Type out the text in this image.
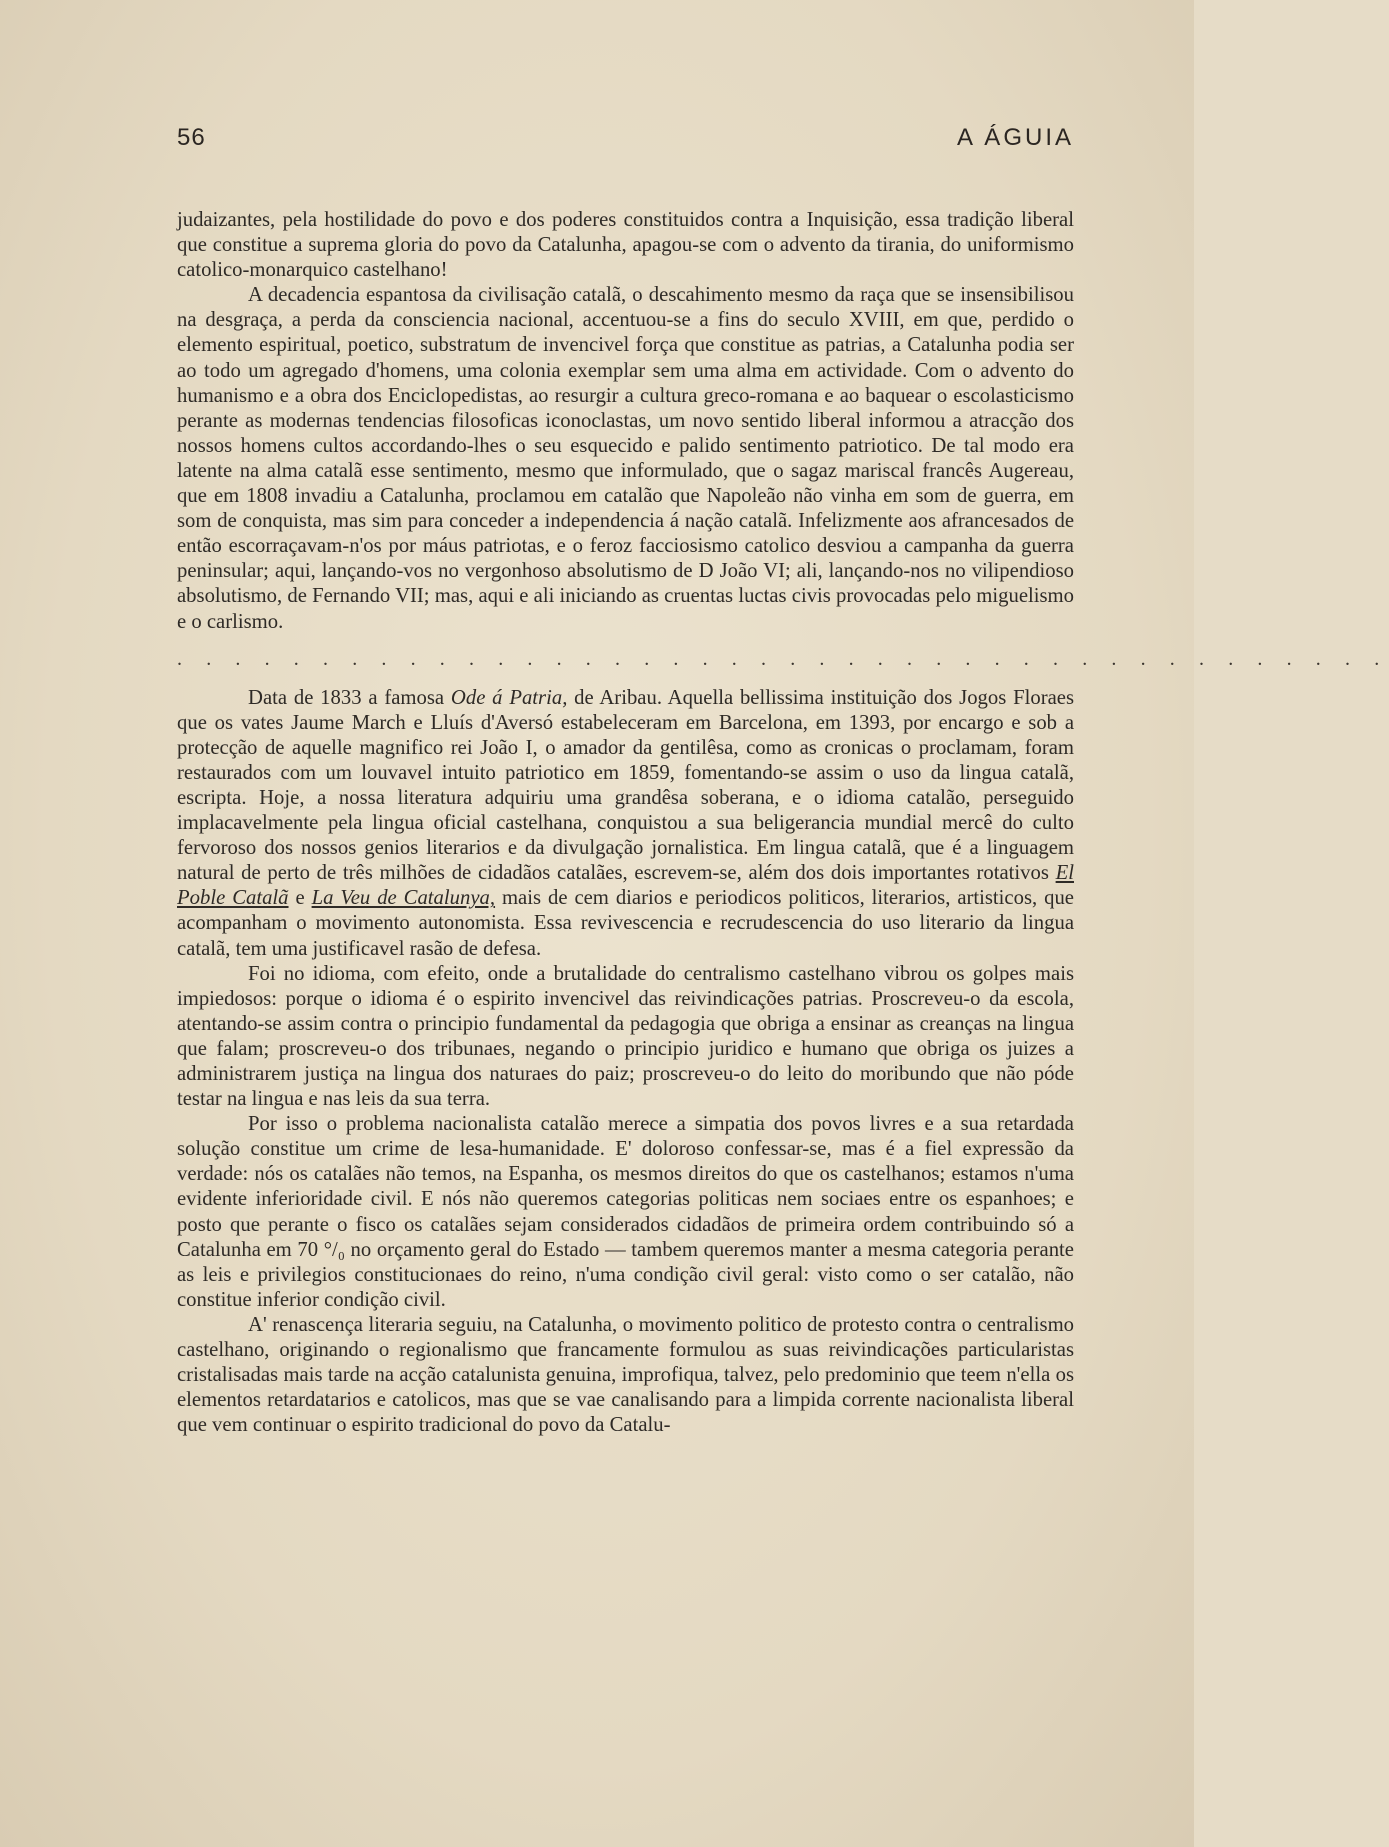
56	A ÁGUIA

judaizantes, pela hostilidade do povo e dos poderes constituidos contra a Inquisição, essa tradição liberal que constitue a suprema gloria do povo da Catalunha, apagou-se com o advento da tirania, do uniformismo catolico-monarquico castelhano!

A decadencia espantosa da civilisação catalã, o descahimento mesmo da raça que se insensibilisou na desgraça, a perda da consciencia nacional, accentuou-se a fins do seculo XVIII, em que, perdido o elemento espiritual, poetico, substratum de invencivel força que constitue as patrias, a Catalunha podia ser ao todo um agregado d'homens, uma colonia exemplar sem uma alma em actividade. Com o advento do humanismo e a obra dos Enciclopedistas, ao resurgir a cultura greco-romana e ao baquear o escolasticismo perante as modernas tendencias filosoficas iconoclastas, um novo sentido liberal informou a atracção dos nossos homens cultos accordando-lhes o seu esquecido e palido sentimento patriotico. De tal modo era latente na alma catalã esse sentimento, mesmo que informulado, que o sagaz mariscal francês Augereau, que em 1808 invadiu a Catalunha, proclamou em catalão que Napoleão não vinha em som de guerra, em som de conquista, mas sim para conceder a independencia á nação catalã. Infelizmente aos afrancesados de então escorraçavam-n'os por máus patriotas, e o feroz facciosismo catolico desviou a campanha da guerra peninsular; aqui, lançando-vos no vergonhoso absolutismo de D João VI; ali, lançando-nos no vilipendioso absolutismo, de Fernando VII; mas, aqui e ali iniciando as cruentas luctas civis provocadas pelo miguelismo e o carlismo.

. . . . . . . . . . . . . . . . . . . . . . . . . . . . . . . . . . . . . . . . . .

Data de 1833 a famosa Ode á Patria, de Aribau. Aquella bellissima instituição dos Jogos Floraes que os vates Jaume March e Lluís d'Aversó estabeleceram em Barcelona, em 1393, por encargo e sob a protecção de aquelle magnifico rei João I, o amador da gentilêsa, como as cronicas o proclamam, foram restaurados com um louvavel intuito patriotico em 1859, fomentando-se assim o uso da lingua catalã, escripta. Hoje, a nossa literatura adquiriu uma grandêsa soberana, e o idioma catalão, perseguido implacavelmente pela lingua oficial castelhana, conquistou a sua beligerancia mundial mercê do culto fervoroso dos nossos genios literarios e da divulgação jornalistica. Em lingua catalã, que é a linguagem natural de perto de três milhões de cidadãos catalães, escrevem-se, além dos dois importantes rotativos El Poble Catalã e La Veu de Catalunya, mais de cem diarios e periodicos politicos, literarios, artisticos, que acompanham o movimento autonomista. Essa revivescencia e recrudescencia do uso literario da lingua catalã, tem uma justificavel rasão de defesa.

Foi no idioma, com efeito, onde a brutalidade do centralismo castelhano vibrou os golpes mais impiedosos: porque o idioma é o espirito invencivel das reivindicações patrias. Proscreveu-o da escola, atentando-se assim contra o principio fundamental da pedagogia que obriga a ensinar as creanças na lingua que falam; proscreveu-o dos tribunaes, negando o principio juridico e humano que obriga os juizes a administrarem justiça na lingua dos naturaes do paiz; proscreveu-o do leito do moribundo que não póde testar na lingua e nas leis da sua terra.

Por isso o problema nacionalista catalão merece a simpatia dos povos livres e a sua retardada solução constitue um crime de lesa-humanidade. E' doloroso confessar-se, mas é a fiel expressão da verdade: nós os catalães não temos, na Espanha, os mesmos direitos do que os castelhanos; estamos n'uma evidente inferioridade civil. E nós não queremos categorias politicas nem sociaes entre os espanhoes; e posto que perante o fisco os catalães sejam considerados cidadãos de primeira ordem contribuindo só a Catalunha em 70 °/₀ no orçamento geral do Estado — tambem queremos manter a mesma categoria perante as leis e privilegios constitucionaes do reino, n'uma condição civil geral: visto como o ser catalão, não constitue inferior condição civil.

A' renascença literaria seguiu, na Catalunha, o movimento politico de protesto contra o centralismo castelhano, originando o regionalismo que francamente formulou as suas reivindicações particularistas cristalisadas mais tarde na acção catalunista genuina, improfiqua, talvez, pelo predominio que teem n'ella os elementos retardatarios e catolicos, mas que se vae canalisando para a limpida corrente nacionalista liberal que vem continuar o espirito tradicional do povo da Catalu-
